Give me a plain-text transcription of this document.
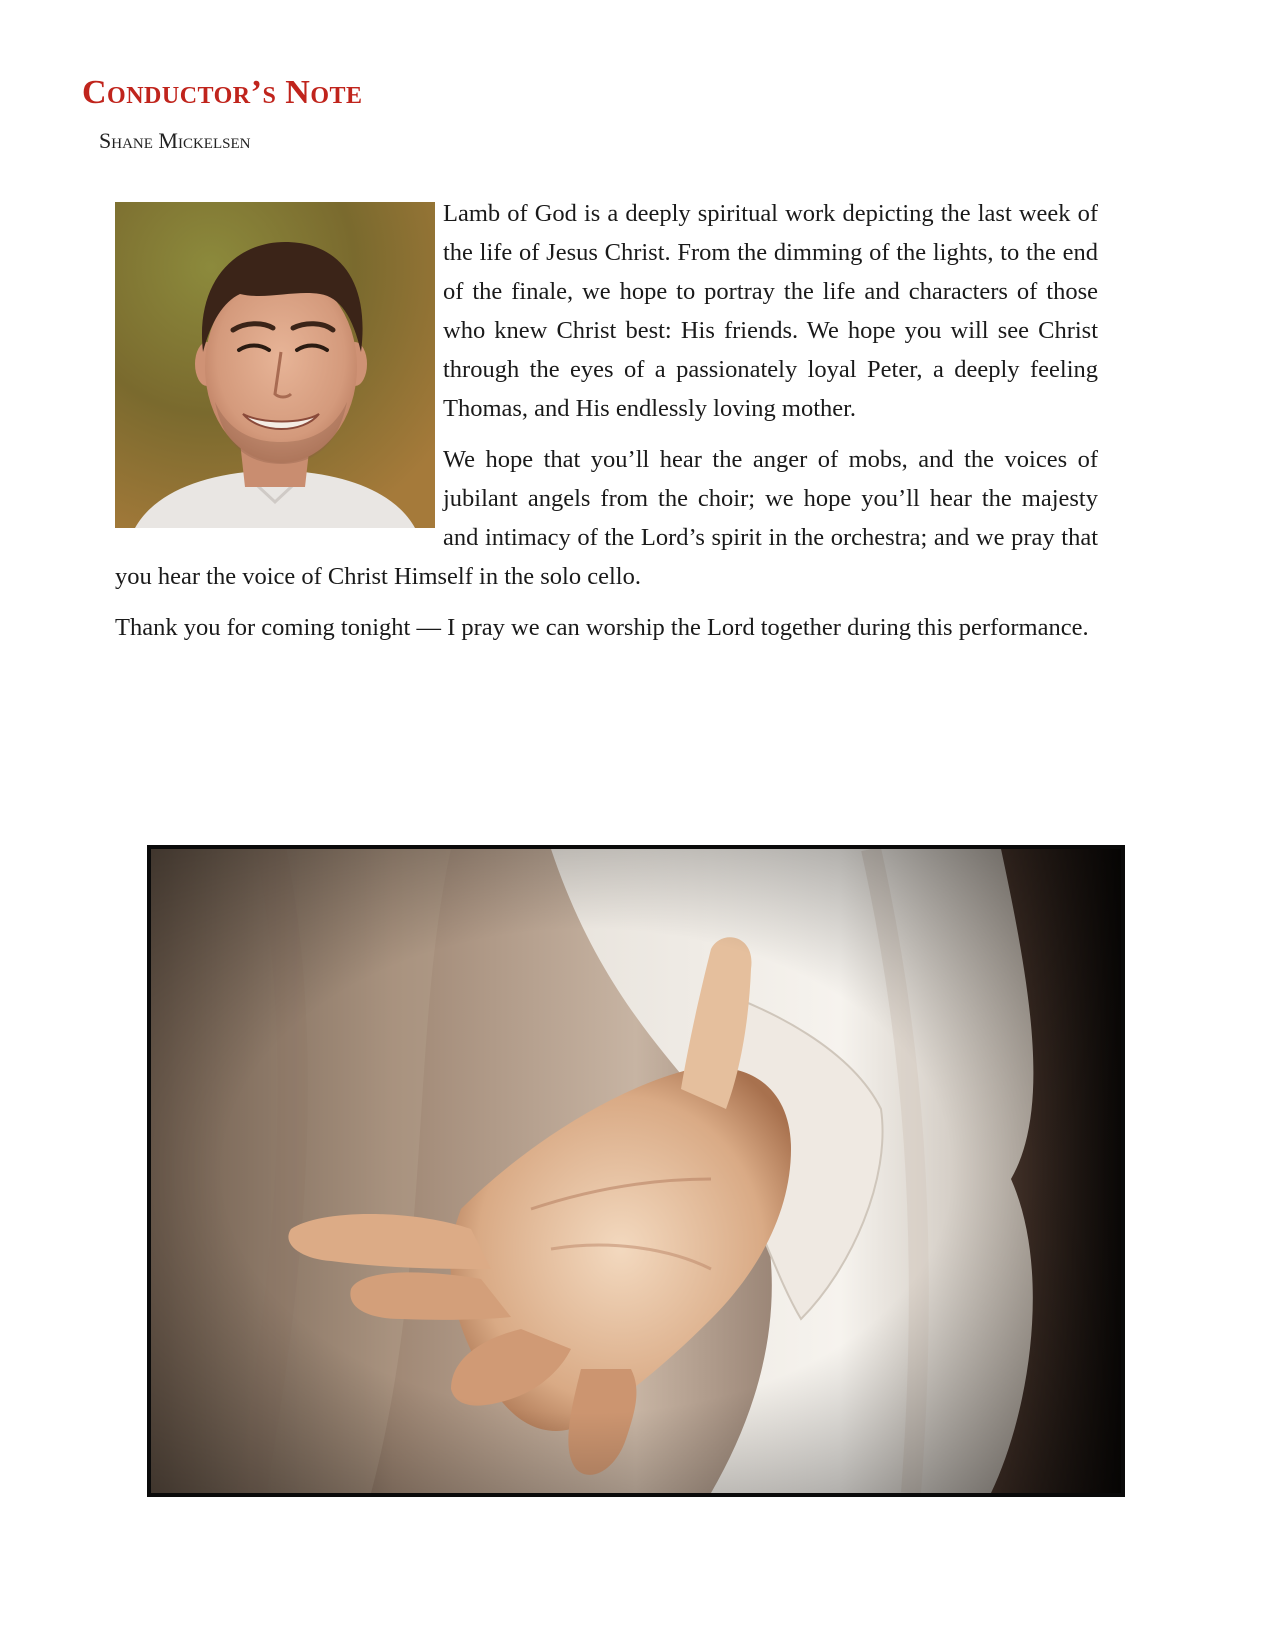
Conductor’s Note
Shane Mickelsen

Lamb of God is a deeply spiritual work depicting the last week of the life of Jesus Christ. From the dimming of the lights, to the end of the finale, we hope to portray the life and characters of those who knew Christ best: His friends. We hope you will see Christ through the eyes of a passionately loyal Peter, a deeply feeling Thomas, and His endlessly loving mother.

We hope that you’ll hear the anger of mobs, and the voices of jubilant angels from the choir; we hope you’ll hear the majesty and intimacy of the Lord’s spirit in the orchestra; and we pray that you hear the voice of Christ Himself in the solo cello.

Thank you for coming tonight — I pray we can worship the Lord together during this performance.
